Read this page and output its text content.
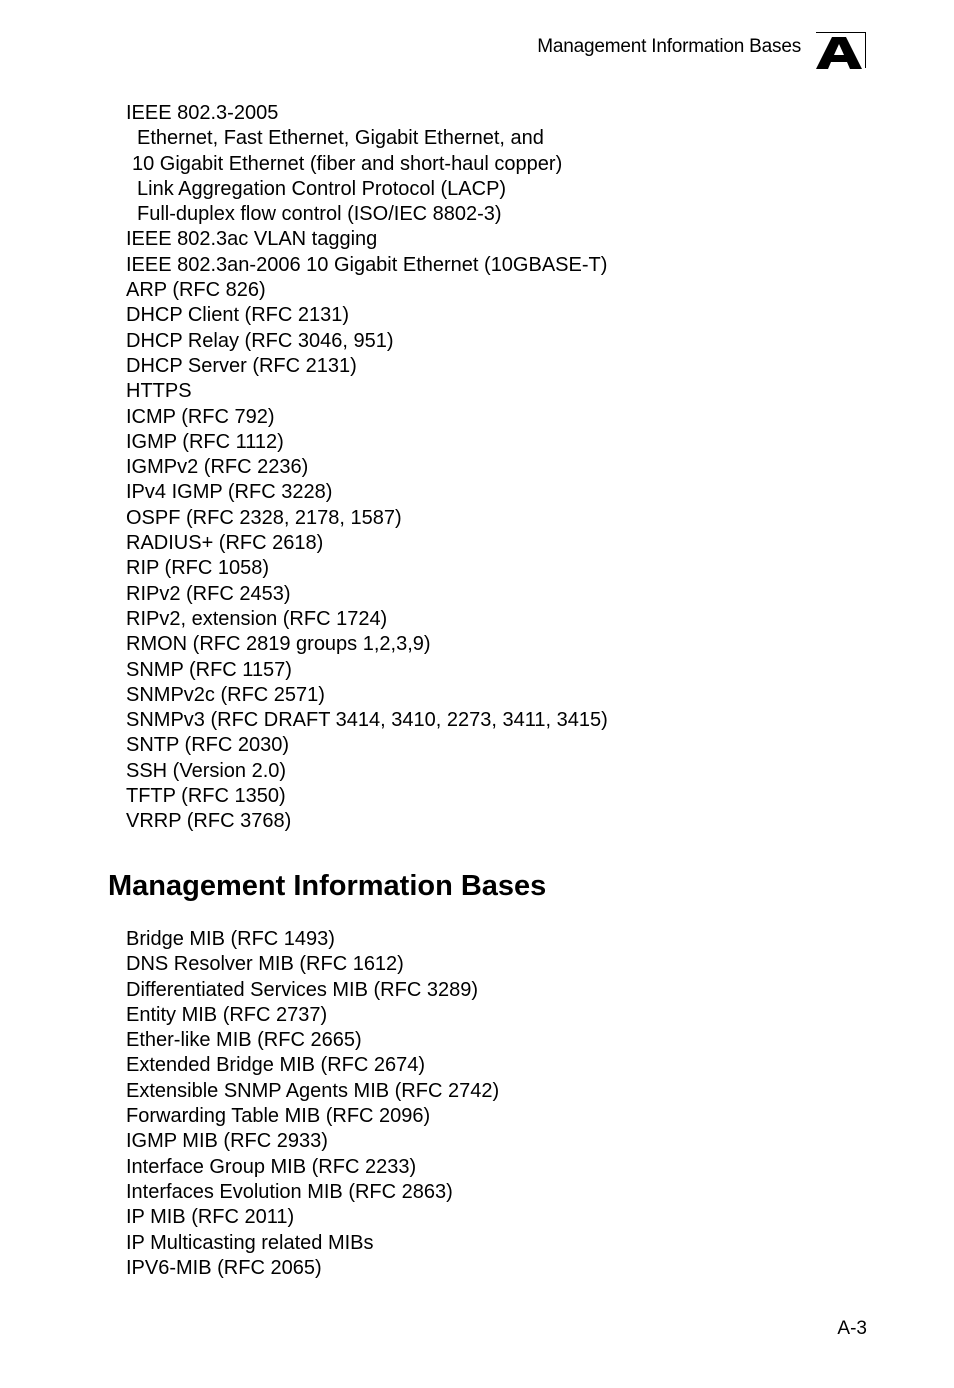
Management Information Bases
IEEE 802.3-2005
Ethernet, Fast Ethernet, Gigabit Ethernet, and
10 Gigabit Ethernet (fiber and short-haul copper)
Link Aggregation Control Protocol (LACP)
Full-duplex flow control (ISO/IEC 8802-3)
IEEE 802.3ac VLAN tagging
IEEE 802.3an-2006 10 Gigabit Ethernet (10GBASE-T)
ARP (RFC 826)
DHCP Client (RFC 2131)
DHCP Relay (RFC 3046, 951)
DHCP Server (RFC 2131)
HTTPS
ICMP (RFC 792)
IGMP (RFC 1112)
IGMPv2 (RFC 2236)
IPv4 IGMP (RFC 3228)
OSPF (RFC 2328, 2178, 1587)
RADIUS+ (RFC 2618)
RIP (RFC 1058)
RIPv2 (RFC 2453)
RIPv2, extension (RFC 1724)
RMON (RFC 2819 groups 1,2,3,9)
SNMP (RFC 1157)
SNMPv2c (RFC 2571)
SNMPv3 (RFC DRAFT 3414, 3410, 2273, 3411, 3415)
SNTP (RFC 2030)
SSH (Version 2.0)
TFTP (RFC 1350)
VRRP (RFC 3768)
Management Information Bases
Bridge MIB (RFC 1493)
DNS Resolver MIB (RFC 1612)
Differentiated Services MIB (RFC 3289)
Entity MIB (RFC 2737)
Ether-like MIB (RFC 2665)
Extended Bridge MIB (RFC 2674)
Extensible SNMP Agents MIB (RFC 2742)
Forwarding Table MIB (RFC 2096)
IGMP MIB (RFC 2933)
Interface Group MIB (RFC 2233)
Interfaces Evolution MIB (RFC 2863)
IP MIB (RFC 2011)
IP Multicasting related MIBs
IPV6-MIB (RFC 2065)
A-3
